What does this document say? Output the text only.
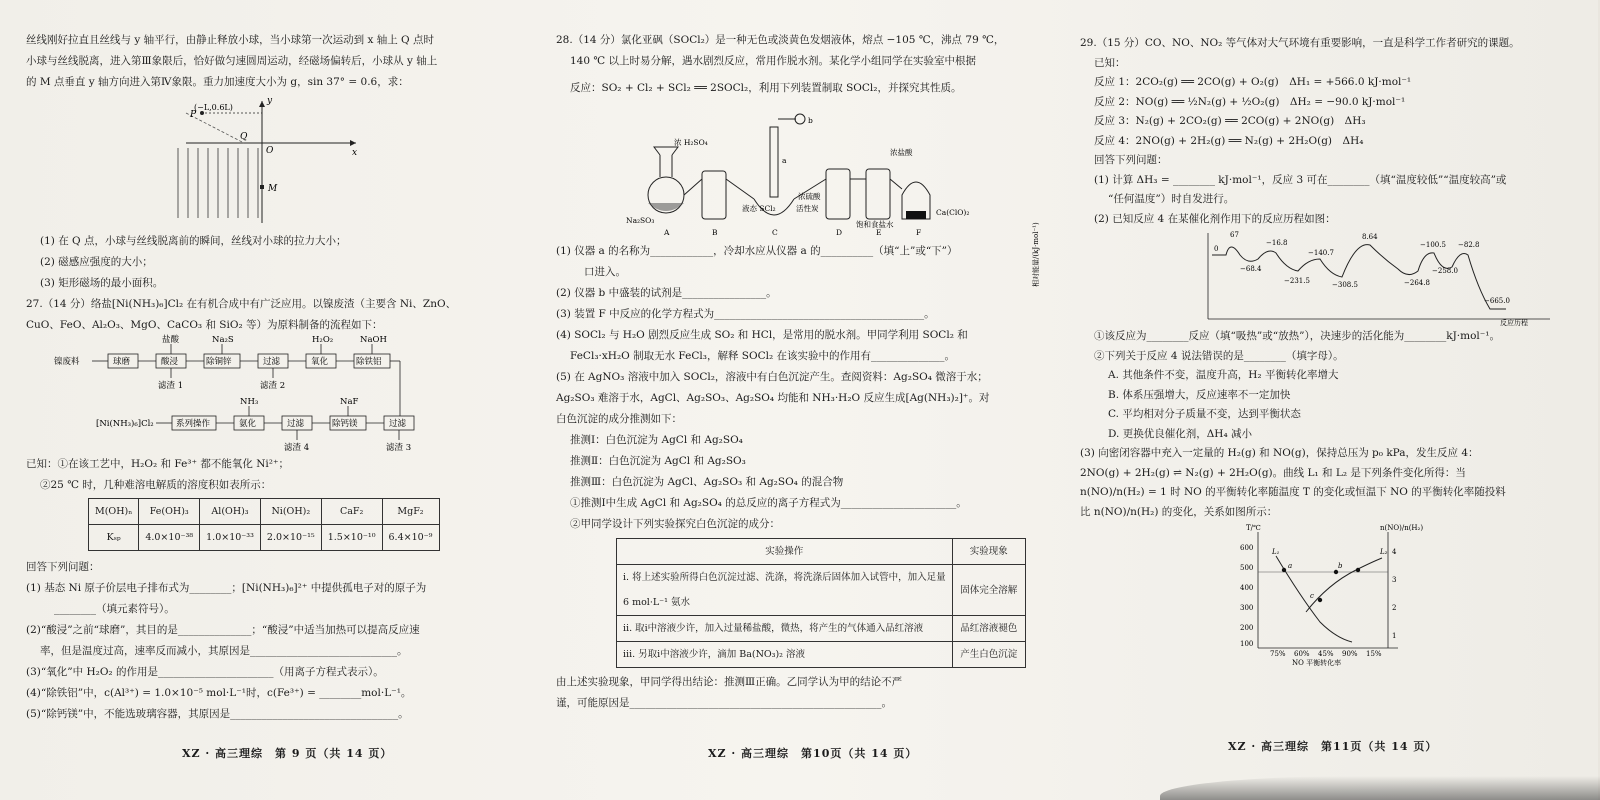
丝线刚好拉直且丝线与 y 轴平行，由静止释放小球，当小球第一次运动到 x 轴上 Q 点时
小球与丝线脱离，进入第Ⅲ象限后，恰好做匀速圆周运动，经磁场偏转后，小球从 y 轴上
的 M 点垂直 y 轴方向进入第Ⅳ象限。重力加速度大小为 g，sin 37° = 0.6，求：
(−L,0.6L)
P
Q
O
M
x
y
(1) 在 Q 点，小球与丝线脱离前的瞬间，丝线对小球的拉力大小；
(2) 磁感应强度的大小；
(3) 矩形磁场的最小面积。
27.（14 分）络盐[Ni(NH₃)₆]Cl₂ 在有机合成中有广泛应用。以镍废渣（主要含 Ni、ZnO、
CuO、FeO、Al₂O₃、MgO、CaCO₃ 和 SiO₂ 等）为原料制备的流程如下：
镍废料	球磨	酸浸	除铜锌	过滤	氧化	除铁铝
盐酸	Na₂S	H₂O₂	NaOH
滤渣 1	滤渣 2
[Ni(NH₃)₆]Cl₂	系列操作	氨化	过滤	除钙镁	过滤
NH₃	NaF
滤渣 4	滤渣 3
已知：①在该工艺中，H₂O₂ 和 Fe³⁺ 都不能氧化 Ni²⁺；
②25 ℃ 时，几种难溶电解质的溶度积如表所示：
M(OH)ₙ	Fe(OH)₃	Al(OH)₃	Ni(OH)₂	CaF₂	MgF₂
Kₛₚ	4.0×10⁻³⁸	1.0×10⁻³³	2.0×10⁻¹⁵	1.5×10⁻¹⁰	6.4×10⁻⁹
回答下列问题：
(1) 基态 Ni 原子价层电子排布式为________；[Ni(NH₃)₆]²⁺ 中提供孤电子对的原子为
________（填元素符号）。
(2)“酸浸”之前“球磨”，其目的是______________；“酸浸”中适当加热可以提高反应速
率，但是温度过高，速率反而减小，其原因是____________________________。
(3)“氧化”中 H₂O₂ 的作用是______________________（用离子方程式表示）。
(4)“除铁铝”中，c(Al³⁺) = 1.0×10⁻⁵ mol·L⁻¹时，c(Fe³⁺) = ________mol·L⁻¹。
(5)“除钙镁”中，不能选玻璃容器，其原因是________________________________。
XZ · 高三理综　第 9 页（共 14 页）
28.（14 分）氯化亚砜（SOCl₂）是一种无色或淡黄色发烟液体，熔点 −105 ℃，沸点 79 ℃，
140 ℃ 以上时易分解，遇水剧烈反应，常用作脱水剂。某化学小组同学在实验室中根据
反应：SO₂ + Cl₂ + SCl₂ ══ 2SOCl₂，利用下列装置制取 SOCl₂，并探究其性质。
浓 H₂SO₄
Na₂SO₃
A	B	C	D	E	F
液态 SCl₂	活性炭
浓硫酸
饱和食盐水
浓盐酸
Ca(ClO)₂
a
b
(1) 仪器 a 的名称为____________，冷却水应从仪器 a 的__________（填“上”或“下”）
口进入。
(2) 仪器 b 中盛装的试剂是________________。
(3) 装置 F 中反应的化学方程式为________________________________________。
(4) SOCl₂ 与 H₂O 剧烈反应生成 SO₂ 和 HCl，是常用的脱水剂。甲同学利用 SOCl₂ 和
FeCl₃·xH₂O 制取无水 FeCl₃，解释 SOCl₂ 在该实验中的作用有______________。
(5) 在 AgNO₃ 溶液中加入 SOCl₂，溶液中有白色沉淀产生。查阅资料：Ag₂SO₄ 微溶于水；
Ag₂SO₃ 难溶于水，AgCl、Ag₂SO₃、Ag₂SO₄ 均能和 NH₃·H₂O 反应生成[Ag(NH₃)₂]⁺。对
白色沉淀的成分推测如下：
推测Ⅰ：白色沉淀为 AgCl 和 Ag₂SO₄
推测Ⅱ：白色沉淀为 AgCl 和 Ag₂SO₃
推测Ⅲ：白色沉淀为 AgCl、Ag₂SO₃ 和 Ag₂SO₄ 的混合物
①推测Ⅰ中生成 AgCl 和 Ag₂SO₄ 的总反应的离子方程式为______________________。
②甲同学设计下列实验探究白色沉淀的成分：
实验操作	实验现象
ⅰ. 将上述实验所得白色沉淀过滤、洗涤，将洗涤后固体加入试管中，加入足量	固体完全溶解
6 mol·L⁻¹ 氨水	
ⅱ. 取ⅰ中溶液少许，加入过量稀盐酸，微热，将产生的气体通入品红溶液	品红溶液褪色
ⅲ. 另取ⅰ中溶液少许，滴加 Ba(NO₃)₂ 溶液	产生白色沉淀
由上述实验现象，甲同学得出结论：推测Ⅲ正确。乙同学认为甲的结论不严
谨，可能原因是________________________________________________。
XZ · 高三理综　第10页（共 14 页）
29.（15 分）CO、NO、NO₂ 等气体对大气环境有重要影响，一直是科学工作者研究的课题。
已知：
反应 1：2CO₂(g) ══ 2CO(g) + O₂(g)　ΔH₁ = +566.0 kJ·mol⁻¹
反应 2：NO(g) ══ ½N₂(g) + ½O₂(g)　ΔH₂ = −90.0 kJ·mol⁻¹
反应 3：N₂(g) + 2CO₂(g) ══ 2CO(g) + 2NO(g)　ΔH₃
反应 4：2NO(g) + 2H₂(g) ══ N₂(g) + 2H₂O(g)　ΔH₄
回答下列问题：
(1) 计算 ΔH₃ = ________ kJ·mol⁻¹，反应 3 可在________（填“温度较低”“温度较高”或
“任何温度”）时自发进行。
(2) 已知反应 4 在某催化剂作用下的反应历程如图：
相对能量/(kJ·mol⁻¹)
反应历程
0
67
−68.4
−16.8
−231.5
−140.7
−308.5
8.64
−264.8
−100.5
−258.0
−82.8
−665.0
①该反应为________反应（填“吸热”或“放热”），决速步的活化能为________kJ·mol⁻¹。
②下列关于反应 4 说法错误的是________（填字母）。
A. 其他条件不变，温度升高，H₂ 平衡转化率增大
B. 体系压强增大，反应速率不一定加快
C. 平均相对分子质量不变，达到平衡状态
D. 更换优良催化剂，ΔH₄ 减小
(3) 向密闭容器中充入一定量的 H₂(g) 和 NO(g)，保持总压为 p₀ kPa，发生反应 4：
2NO(g) + 2H₂(g) ⇌ N₂(g) + 2H₂O(g)。曲线 L₁ 和 L₂ 是下列条件变化所得：当
n(NO)/n(H₂) = 1 时 NO 的平衡转化率随温度 T 的变化或恒温下 NO 的平衡转化率随投料
比 n(NO)/n(H₂) 的变化，关系如图所示：
T/℃	n(NO)/n(H₂)
NO 平衡转化率
600
500
400
300
200
100
75% 60% 45% 90% 15%
4
3
2
1
L₁	L₂
a	b
c
XZ · 高三理综　第11页（共 14 页）
